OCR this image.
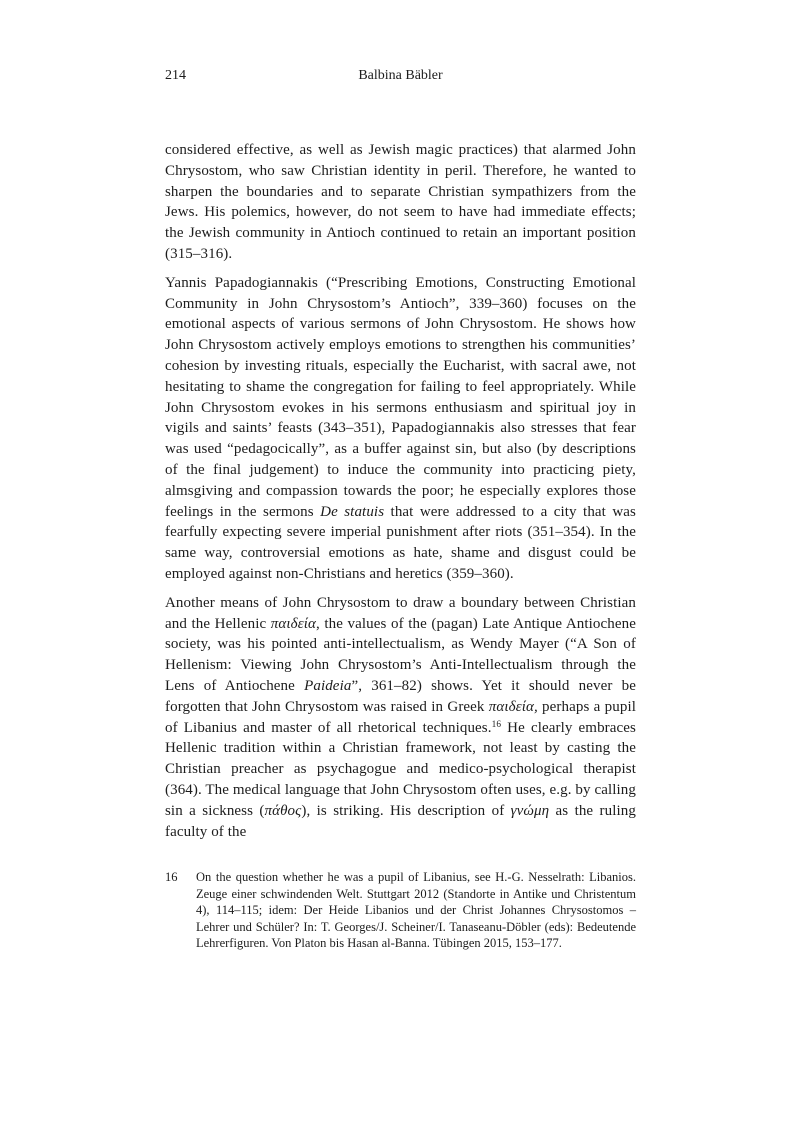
214	Balbina Bäbler

considered effective, as well as Jewish magic practices) that alarmed John Chrysostom, who saw Christian identity in peril. Therefore, he wanted to sharpen the boundaries and to separate Christian sympathizers from the Jews. His polemics, however, do not seem to have had immediate effects; the Jewish community in Antioch continued to retain an important position (315–316).

Yannis Papadogiannakis (“Prescribing Emotions, Constructing Emotional Community in John Chrysostom’s Antioch”, 339–360) focuses on the emotional aspects of various sermons of John Chrysostom. He shows how John Chrysostom actively employs emotions to strengthen his communities’ cohesion by investing rituals, especially the Eucharist, with sacral awe, not hesitating to shame the congregation for failing to feel appropriately. While John Chrysostom evokes in his sermons enthusiasm and spiritual joy in vigils and saints’ feasts (343–351), Papadogiannakis also stresses that fear was used “pedagocically”, as a buffer against sin, but also (by descriptions of the final judgement) to induce the community into practicing piety, almsgiving and compassion towards the poor; he especially explores those feelings in the sermons De statuis that were addressed to a city that was fearfully expecting severe imperial punishment after riots (351–354). In the same way, controversial emotions as hate, shame and disgust could be employed against non-Christians and heretics (359–360).

Another means of John Chrysostom to draw a boundary between Christian and the Hellenic παιδεία, the values of the (pagan) Late Antique Antiochene society, was his pointed anti-intellectualism, as Wendy Mayer (“A Son of Hellenism: Viewing John Chrysostom’s Anti-Intellectualism through the Lens of Antiochene Paideia”, 361–82) shows. Yet it should never be forgotten that John Chrysostom was raised in Greek παιδεία, perhaps a pupil of Libanius and master of all rhetorical techniques.$^{16}$ He clearly embraces Hellenic tradition within a Christian framework, not least by casting the Christian preacher as psychagogue and medico-psychological therapist (364). The medical language that John Chrysostom often uses, e.g. by calling sin a sickness (πάθος), is striking. His description of γνώμη as the ruling faculty of the

16	On the question whether he was a pupil of Libanius, see H.-G. Nesselrath: Libanios. Zeuge einer schwindenden Welt. Stuttgart 2012 (Standorte in Antike und Christentum 4), 114–115; idem: Der Heide Libanios und der Christ Johannes Chrysostomos – Lehrer und Schüler? In: T. Georges/J. Scheiner/I. Tanaseanu-Döbler (eds): Bedeutende Lehrerfiguren. Von Platon bis Hasan al-Banna. Tübingen 2015, 153–177.
